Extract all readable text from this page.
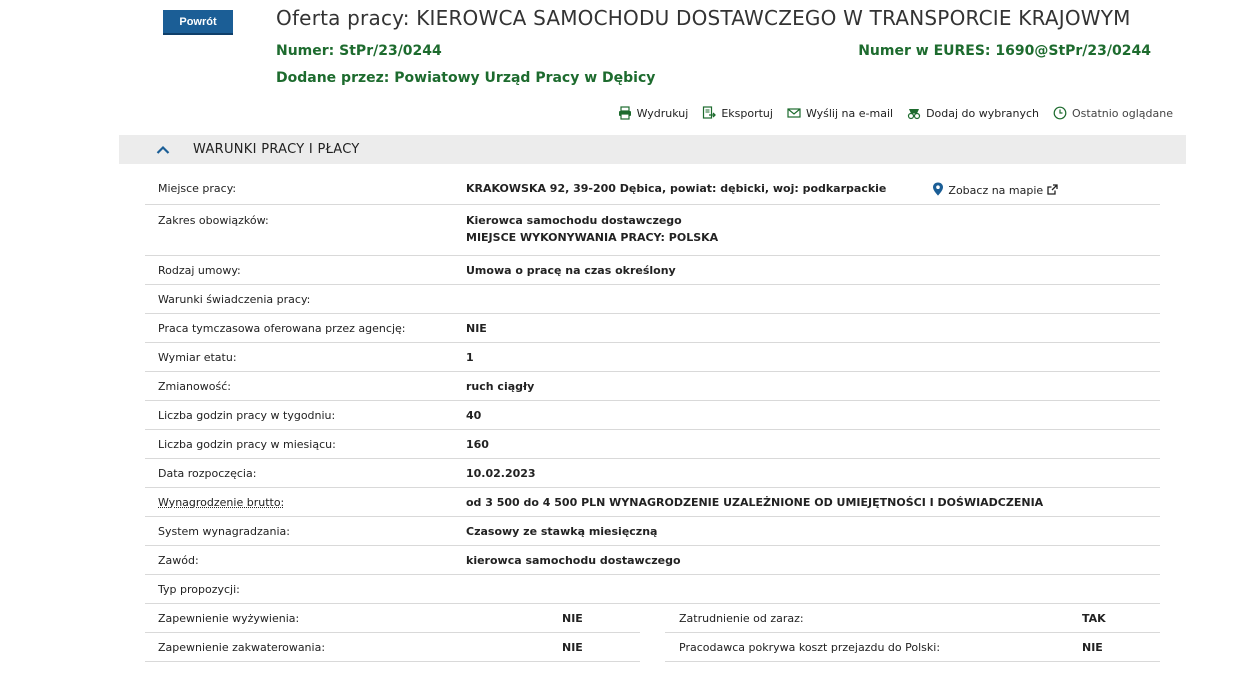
Powrót	Oferta pracy: KIEROWCA SAMOCHODU DOSTAWCZEGO W TRANSPORCIE KRAJOWYM
Numer: StPr/23/0244	Numer w EURES: 1690@StPr/23/0244
Dodane przez: Powiatowy Urząd Pracy w Dębicy
Wydrukuj	Eksportuj	Wyślij na e-mail	Dodaj do wybranych	Ostatnio oglądane
WARUNKI PRACY I PŁACY
Miejsce pracy:	KRAKOWSKA 92, 39-200 Dębica, powiat: dębicki, woj: podkarpackie	Zobacz na mapie
Zakres obowiązków:	Kierowca samochodu dostawczego
MIEJSCE WYKONYWANIA PRACY: POLSKA
Rodzaj umowy:	Umowa o pracę na czas określony
Warunki świadczenia pracy:
Praca tymczasowa oferowana przez agencję:	NIE
Wymiar etatu:	1
Zmianowość:	ruch ciągły
Liczba godzin pracy w tygodniu:	40
Liczba godzin pracy w miesiącu:	160
Data rozpoczęcia:	10.02.2023
Wynagrodzenie brutto:	od 3 500 do 4 500 PLN WYNAGRODZENIE UZALEŻNIONE OD UMIEJĘTNOŚCI I DOŚWIADCZENIA
System wynagradzania:	Czasowy ze stawką miesięczną
Zawód:	kierowca samochodu dostawczego
Typ propozycji:
Zapewnienie wyżywienia:	NIE	Zatrudnienie od zaraz:	TAK
Zapewnienie zakwaterowania:	NIE	Pracodawca pokrywa koszt przejazdu do Polski:	NIE
